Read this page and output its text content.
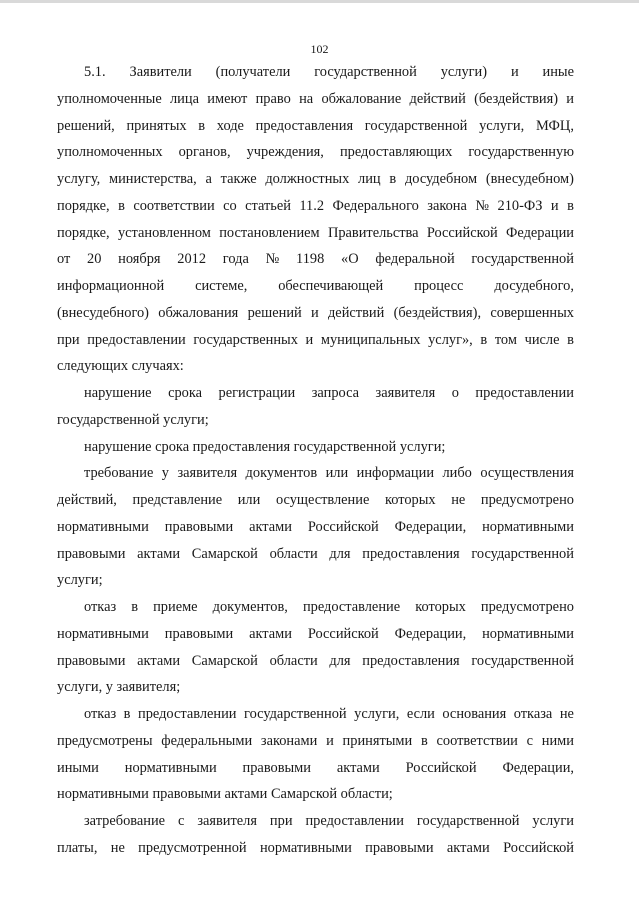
102
5.1. Заявители (получатели государственной услуги) и иные
уполномоченные лица имеют право на обжалование действий (бездействия) и
решений, принятых в ходе предоставления государственной услуги, МФЦ,
уполномоченных органов, учреждения, предоставляющих государственную
услугу, министерства, а также должностных лиц в досудебном (внесудебном)
порядке, в соответствии со статьей 11.2 Федерального закона № 210-ФЗ и в
порядке, установленном постановлением Правительства Российской Федерации
от 20 ноября 2012 года № 1198 «О федеральной государственной
информационной системе, обеспечивающей процесс досудебного,
(внесудебного) обжалования решений и действий (бездействия), совершенных
при предоставлении государственных и муниципальных услуг», в том числе в
следующих случаях:
нарушение срока регистрации запроса заявителя о предоставлении
государственной услуги;
нарушение срока предоставления государственной услуги;
требование у заявителя документов или информации либо осуществления
действий, представление или осуществление которых не предусмотрено
нормативными правовыми актами Российской Федерации, нормативными
правовыми актами Самарской области для предоставления государственной
услуги;
отказ в приеме документов, предоставление которых предусмотрено
нормативными правовыми актами Российской Федерации, нормативными
правовыми актами Самарской области для предоставления государственной
услуги, у заявителя;
отказ в предоставлении государственной услуги, если основания отказа не
предусмотрены федеральными законами и принятыми в соответствии с ними
иными нормативными правовыми актами Российской Федерации,
нормативными правовыми актами Самарской области;
затребование с заявителя при предоставлении государственной услуги
платы, не предусмотренной нормативными правовыми актами Российской
